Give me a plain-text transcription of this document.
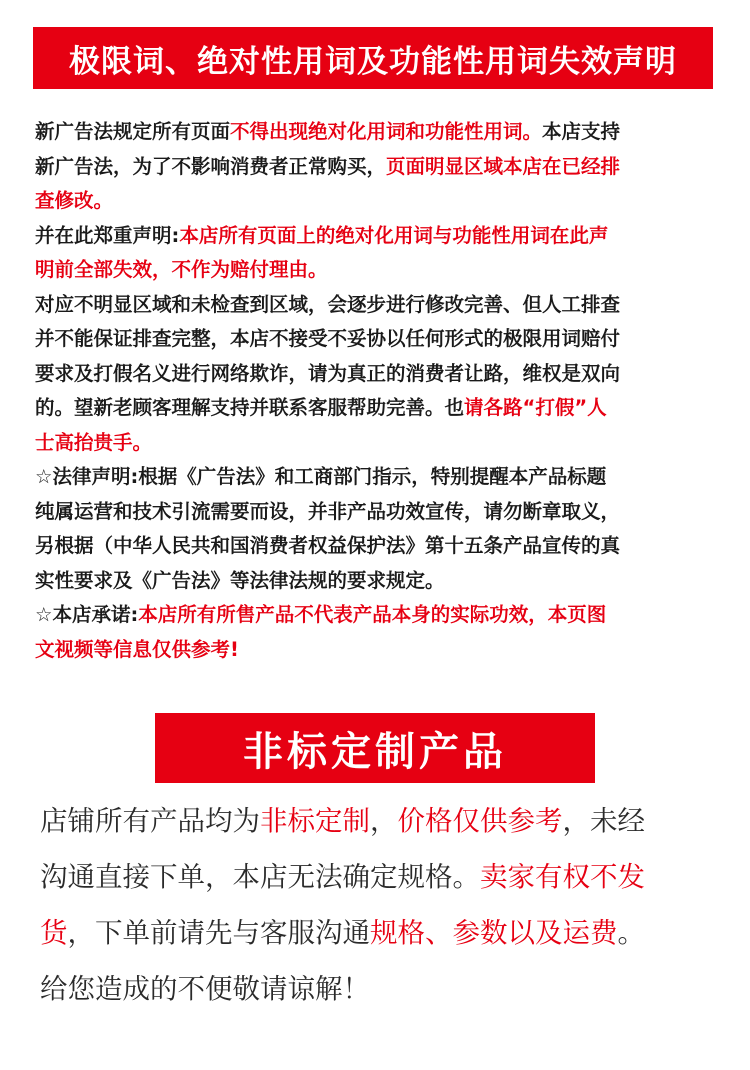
极限词、绝对性用词及功能性用词失效声明
新广告法规定所有页面不得出现绝对化用词和功能性用词。本店支持
新广告法，为了不影响消费者正常购买，页面明显区域本店在已经排
查修改。
并在此郑重声明:本店所有页面上的绝对化用词与功能性用词在此声
明前全部失效，不作为赔付理由。
对应不明显区域和未检查到区域，会逐步进行修改完善、但人工排查
并不能保证排查完整，本店不接受不妥协以任何形式的极限用词赔付
要求及打假名义进行网络欺诈，请为真正的消费者让路，维权是双向
的。望新老顾客理解支持并联系客服帮助完善。也请各路“打假”人
士高抬贵手。
☆法律声明:根据《广告法》和工商部门指示，特别提醒本产品标题
纯属运营和技术引流需要而设，并非产品功效宣传，请勿断章取义，
另根据（中华人民共和国消费者权益保护法》第十五条产品宣传的真
实性要求及《广告法》等法律法规的要求规定。
☆本店承诺:本店所有所售产品不代表产品本身的实际功效，本页图
文视频等信息仅供参考!
非标定制产品
店铺所有产品均为非标定制，价格仅供参考，未经
沟通直接下单，本店无法确定规格。卖家有权不发
货，下单前请先与客服沟通规格、参数以及运费。
给您造成的不便敬请谅解！
